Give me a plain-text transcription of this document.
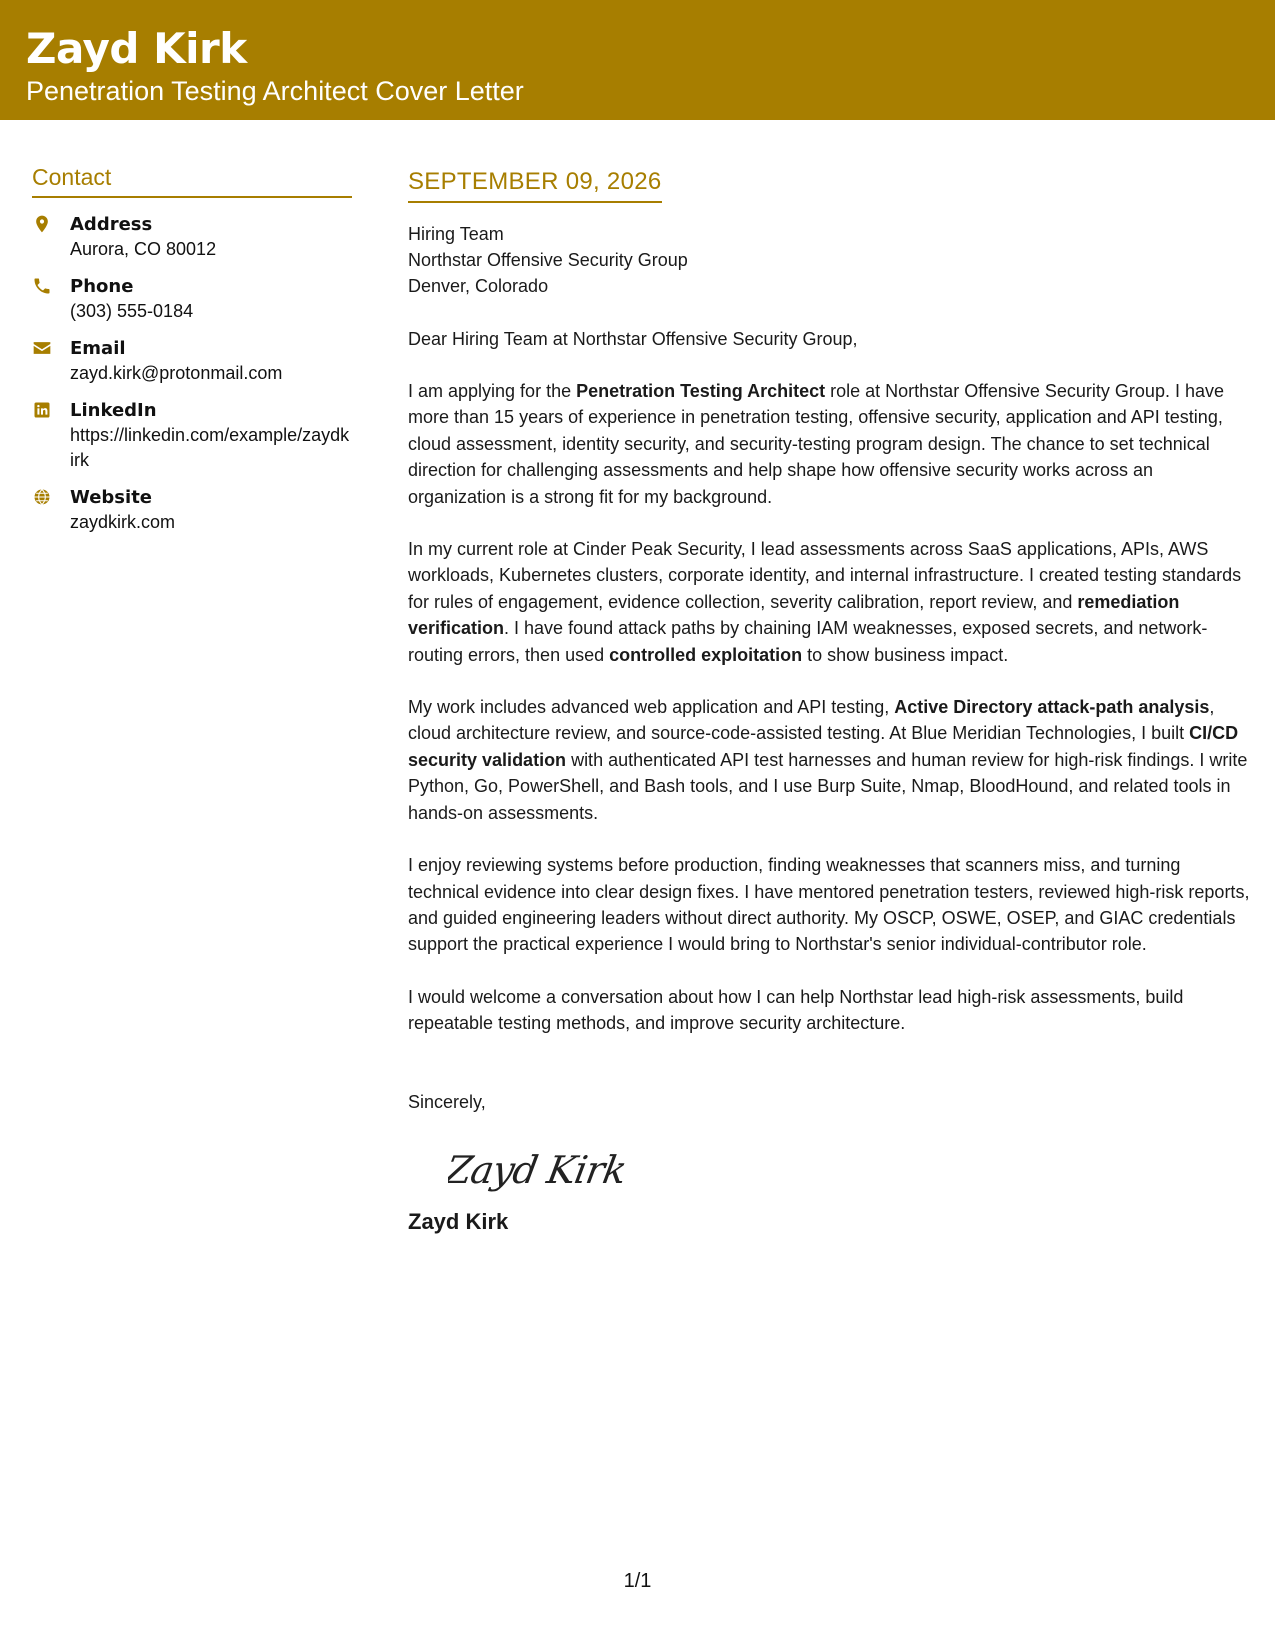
Zayd Kirk
Penetration Testing Architect Cover Letter
Contact
Address
Aurora, CO 80012
Phone
(303) 555-0184
Email
zayd.kirk@protonmail.com
LinkedIn
https://linkedin.com/example/zaydkirk
Website
zaydkirk.com
SEPTEMBER 09, 2026
Hiring Team
Northstar Offensive Security Group
Denver, Colorado
Dear Hiring Team at Northstar Offensive Security Group,

I am applying for the Penetration Testing Architect role at Northstar Offensive Security Group. I have more than 15 years of experience in penetration testing, offensive security, application and API testing, cloud assessment, identity security, and security-testing program design. The chance to set technical direction for challenging assessments and help shape how offensive security works across an organization is a strong fit for my background.

In my current role at Cinder Peak Security, I lead assessments across SaaS applications, APIs, AWS workloads, Kubernetes clusters, corporate identity, and internal infrastructure. I created testing standards for rules of engagement, evidence collection, severity calibration, report review, and remediation verification. I have found attack paths by chaining IAM weaknesses, exposed secrets, and network-routing errors, then used controlled exploitation to show business impact.

My work includes advanced web application and API testing, Active Directory attack-path analysis, cloud architecture review, and source-code-assisted testing. At Blue Meridian Technologies, I built CI/CD security validation with authenticated API test harnesses and human review for high-risk findings. I write Python, Go, PowerShell, and Bash tools, and I use Burp Suite, Nmap, BloodHound, and related tools in hands-on assessments.

I enjoy reviewing systems before production, finding weaknesses that scanners miss, and turning technical evidence into clear design fixes. I have mentored penetration testers, reviewed high-risk reports, and guided engineering leaders without direct authority. My OSCP, OSWE, OSEP, and GIAC credentials support the practical experience I would bring to Northstar's senior individual-contributor role.

I would welcome a conversation about how I can help Northstar lead high-risk assessments, build repeatable testing methods, and improve security architecture.

Sincerely,
Zayd Kirk
Zayd Kirk
1/1
